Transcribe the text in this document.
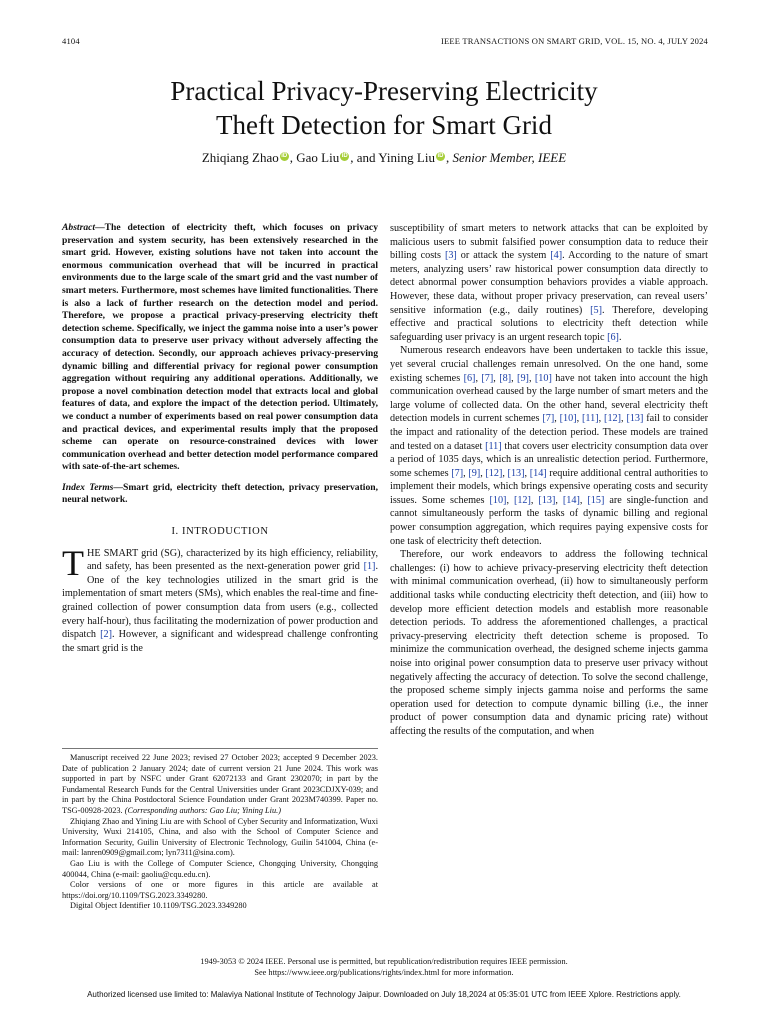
4104	IEEE TRANSACTIONS ON SMART GRID, VOL. 15, NO. 4, JULY 2024
Practical Privacy-Preserving Electricity
Theft Detection for Smart Grid
Zhiqiang Zhao iD , Gao Liu iD , and Yining Liu iD , Senior Member, IEEE
Abstract—The detection of electricity theft, which focuses on privacy preservation and system security, has been extensively researched in the smart grid. However, existing solutions have not taken into account the enormous communication overhead that will be incurred in practical environments due to the large scale of the smart grid and the vast number of smart meters. Furthermore, most schemes have limited functionalities. There is also a lack of further research on the detection model and period. Therefore, we propose a practical privacy-preserving electricity theft detection scheme. Specifically, we inject the gamma noise into a user’s power consumption data to preserve user privacy without adversely affecting the accuracy of detection. Secondly, our approach achieves privacy-preserving dynamic billing and differential privacy for regional power consumption aggregation without requiring any additional operations. Additionally, we propose a novel combination detection model that extracts local and global features of data, and explore the impact of the detection period. Ultimately, we conduct a number of experiments based on real power consumption data and practical devices, and experimental results imply that the proposed scheme can operate on resource-constrained devices with lower communication overhead and better detection model performance compared with sate-of-the-art schemes.
Index Terms—Smart grid, electricity theft detection, privacy preservation, neural network.
I. INTRODUCTION

THE SMART grid (SG), characterized by its high efficiency, reliability, and safety, has been presented as the next-generation power grid [1]. One of the key technologies utilized in the smart grid is the implementation of smart meters (SMs), which enables the real-time and fine-grained collection of power consumption data from users (e.g., collected every half-hour), thus facilitating the modernization of power production and dispatch [2]. However, a significant and widespread challenge confronting the smart grid is the

susceptibility of smart meters to network attacks that can be exploited by malicious users to submit falsified power consumption data to reduce their billing costs [3] or attack the system [4]. According to the nature of smart meters, analyzing users’ raw historical power consumption data directly to detect abnormal power consumption behaviors provides a viable approach. However, these data, without proper privacy preservation, can reveal users’ sensitive information (e.g., daily routines) [5]. Therefore, developing effective and practical solutions to electricity theft detection while safeguarding user privacy is an urgent research topic [6].

Numerous research endeavors have been undertaken to tackle this issue, yet several crucial challenges remain unresolved. On the one hand, some existing schemes [6], [7], [8], [9], [10] have not taken into account the high communication overhead caused by the large number of smart meters and the large volume of collected data. On the other hand, several electricity theft detection models in current schemes [7], [10], [11], [12], [13] fail to consider the impact and rationality of the detection period. These models are trained and tested on a dataset [11] that covers user electricity consumption data over a period of 1035 days, which is an unrealistic detection period. Furthermore, some schemes [7], [9], [12], [13], [14] require additional central authorities to implement their models, which brings expensive operating costs and security issues. Some schemes [10], [12], [13], [14], [15] are single-function and cannot simultaneously perform the tasks of dynamic billing and regional power consumption aggregation, which requires paying expensive costs for one task of electricity theft detection.

Therefore, our work endeavors to address the following technical challenges: (i) how to achieve privacy-preserving electricity theft detection with minimal communication overhead, (ii) how to simultaneously perform additional tasks while conducting electricity theft detection, and (iii) how to develop more efficient detection models and establish more reasonable detection periods. To address the aforementioned challenges, a practical privacy-preserving electricity theft detection scheme is proposed. To minimize the communication overhead, the designed scheme injects gamma noise into original power consumption data to preserve user privacy without negatively affecting the accuracy of detection. To solve the second challenge, the proposed scheme simply injects gamma noise and performs the same operation used for detection to compute dynamic billing (i.e., the inner product of power consumption data and dynamic pricing rate) without affecting the results of the computation, and when

Manuscript received 22 June 2023; revised 27 October 2023; accepted 9 December 2023. Date of publication 2 January 2024; date of current version 21 June 2024. This work was supported in part by NSFC under Grant 62072133 and Grant 2302070; in part by the Fundamental Research Funds for the Central Universities under Grant 2023CDJXY-039; and in part by the China Postdoctoral Science Foundation under Grant 2023M740399. Paper no. TSG-00928-2023. (Corresponding authors: Gao Liu; Yining Liu.)

Zhiqiang Zhao and Yining Liu are with School of Cyber Security and Informatization, Wuxi University, Wuxi 214105, China, and also with the School of Computer Science and Information Security, Guilin University of Electronic Technology, Guilin 541004, China (e-mail: lanren0909@gmail.com; lyn7311@sina.com).

Gao Liu is with the College of Computer Science, Chongqing University, Chongqing 400044, China (e-mail: gaoliu@cqu.edu.cn).

Color versions of one or more figures in this article are available at https://doi.org/10.1109/TSG.2023.3349280.

Digital Object Identifier 10.1109/TSG.2023.3349280

1949-3053 © 2024 IEEE. Personal use is permitted, but republication/redistribution requires IEEE permission.
See https://www.ieee.org/publications/rights/index.html for more information.
Authorized licensed use limited to: Malaviya National Institute of Technology Jaipur. Downloaded on July 18,2024 at 05:35:01 UTC from IEEE Xplore. Restrictions apply.
